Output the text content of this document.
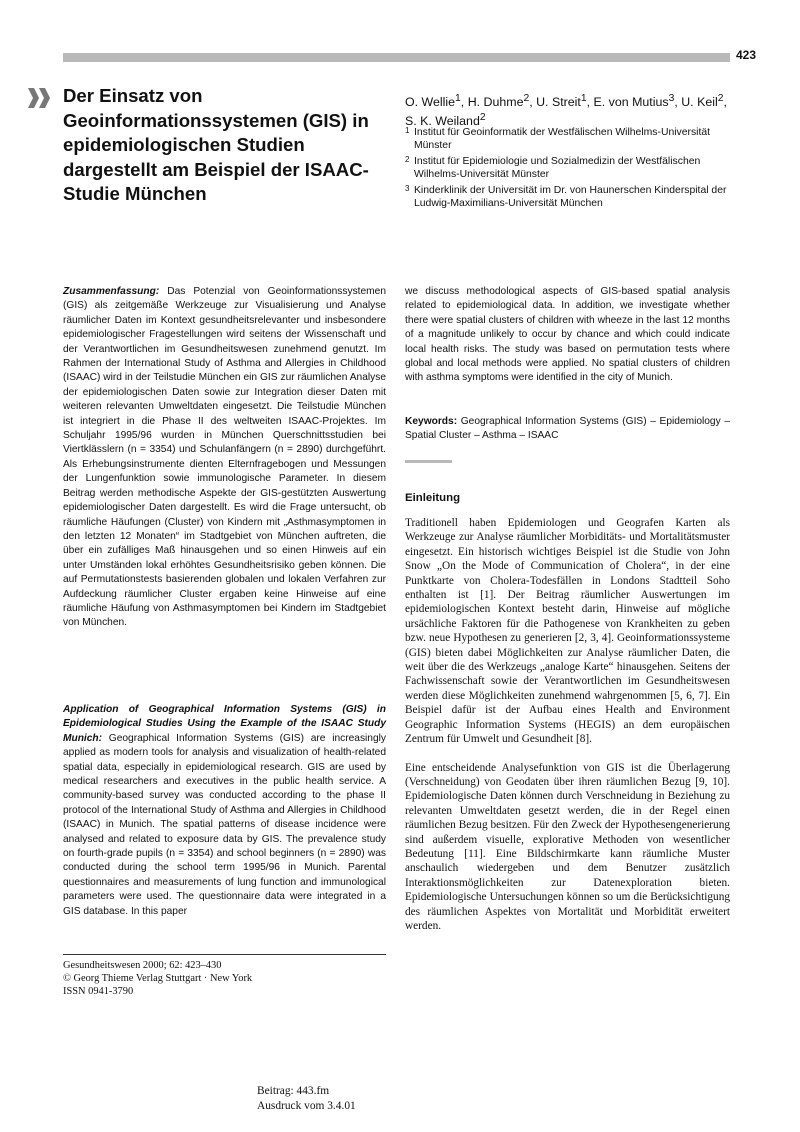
423
Der Einsatz von Geoinformationssystemen (GIS) in epidemiologischen Studien dargestellt am Beispiel der ISAAC-Studie München
O. Wellie$^1$, H. Duhme$^2$, U. Streit$^1$, E. von Mutius$^3$, U. Keil$^2$, S. K. Weiland$^2$
1 Institut für Geoinformatik der Westfälischen Wilhelms-Universität Münster
2 Institut für Epidemiologie und Sozialmedizin der Westfälischen Wilhelms-Universität Münster
3 Kinderklinik der Universität im Dr. von Haunerschen Kinderspital der Ludwig-Maximilians-Universität München

Zusammenfassung: Das Potenzial von Geoinformationssystemen (GIS) als zeitgemäße Werkzeuge zur Visualisierung und Analyse räumlicher Daten im Kontext gesundheitsrelevanter und insbesondere epidemiologischer Fragestellungen wird seitens der Wissenschaft und der Verantwortlichen im Gesundheitswesen zunehmend genutzt. Im Rahmen der International Study of Asthma and Allergies in Childhood (ISAAC) wird in der Teilstudie München ein GIS zur räumlichen Analyse der epidemiologischen Daten sowie zur Integration dieser Daten mit weiteren relevanten Umweltdaten eingesetzt. Die Teilstudie München ist integriert in die Phase II des weltweiten ISAAC-Projektes. Im Schuljahr 1995/96 wurden in München Querschnittsstudien bei Viertklässlern (n = 3354) und Schulanfängern (n = 2890) durchgeführt. Als Erhebungsinstrumente dienten Elternfragebogen und Messungen der Lungenfunktion sowie immunologische Parameter. In diesem Beitrag werden methodische Aspekte der GIS-gestützten Auswertung epidemiologischer Daten dargestellt. Es wird die Frage untersucht, ob räumliche Häufungen (Cluster) von Kindern mit „Asthmasymptomen in den letzten 12 Monaten“ im Stadtgebiet von München auftreten, die über ein zufälliges Maß hinausgehen und so einen Hinweis auf ein unter Umständen lokal erhöhtes Gesundheitsrisiko geben können. Die auf Permutationstests basierenden globalen und lokalen Verfahren zur Aufdeckung räumlicher Cluster ergaben keine Hinweise auf eine räumliche Häufung von Asthmasymptomen bei Kindern im Stadtgebiet von München.

Application of Geographical Information Systems (GIS) in Epidemiological Studies Using the Example of the ISAAC Study Munich: Geographical Information Systems (GIS) are increasingly applied as modern tools for analysis and visualization of health-related spatial data, especially in epidemiological research. GIS are used by medical researchers and executives in the public health service. A community-based survey was conducted according to the phase II protocol of the International Study of Asthma and Allergies in Childhood (ISAAC) in Munich. The spatial patterns of disease incidence were analysed and related to exposure data by GIS. The prevalence study on fourth-grade pupils (n = 3354) and school beginners (n = 2890) was conducted during the school term 1995/96 in Munich. Parental questionnaires and measurements of lung function and immunological parameters were used. The questionnaire data were integrated in a GIS database. In this paper

we discuss methodological aspects of GIS-based spatial analysis related to epidemiological data. In addition, we investigate whether there were spatial clusters of children with wheeze in the last 12 months of a magnitude unlikely to occur by chance and which could indicate local health risks. The study was based on permutation tests where global and local methods were applied. No spatial clusters of children with asthma symptoms were identified in the city of Munich.

Keywords: Geographical Information Systems (GIS) – Epidemiology – Spatial Cluster – Asthma – ISAAC

Einleitung

Traditionell haben Epidemiologen und Geografen Karten als Werkzeuge zur Analyse räumlicher Morbiditäts- und Mortalitätsmuster eingesetzt. Ein historisch wichtiges Beispiel ist die Studie von John Snow „On the Mode of Communication of Cholera“, in der eine Punktkarte von Cholera-Todesfällen in Londons Stadtteil Soho enthalten ist [1]. Der Beitrag räumlicher Auswertungen im epidemiologischen Kontext besteht darin, Hinweise auf mögliche ursächliche Faktoren für die Pathogenese von Krankheiten zu geben bzw. neue Hypothesen zu generieren [2, 3, 4]. Geoinformationssysteme (GIS) bieten dabei Möglichkeiten zur Analyse räumlicher Daten, die weit über die des Werkzeugs „analoge Karte“ hinausgehen. Seitens der Fachwissenschaft sowie der Verantwortlichen im Gesundheitswesen werden diese Möglichkeiten zunehmend wahrgenommen [5, 6, 7]. Ein Beispiel dafür ist der Aufbau eines Health and Environment Geographic Information Systems (HEGIS) an dem europäischen Zentrum für Umwelt und Gesundheit [8].

Eine entscheidende Analysefunktion von GIS ist die Überlagerung (Verschneidung) von Geodaten über ihren räumlichen Bezug [9, 10]. Epidemiologische Daten können durch Verschneidung in Beziehung zu relevanten Umweltdaten gesetzt werden, die in der Regel einen räumlichen Bezug besitzen. Für den Zweck der Hypothesengenerierung sind außerdem visuelle, explorative Methoden von wesentlicher Bedeutung [11]. Eine Bildschirmkarte kann räumliche Muster anschaulich wiedergeben und dem Benutzer zusätzlich Interaktionsmöglichkeiten zur Datenexploration bieten. Epidemiologische Untersuchungen können so um die Berücksichtigung des räumlichen Aspektes von Mortalität und Morbidität erweitert werden.

Gesundheitswesen 2000; 62: 423–430
© Georg Thieme Verlag Stuttgart · New York
ISSN 0941-3790
Beitrag: 443.fm
Ausdruck vom 3.4.01
